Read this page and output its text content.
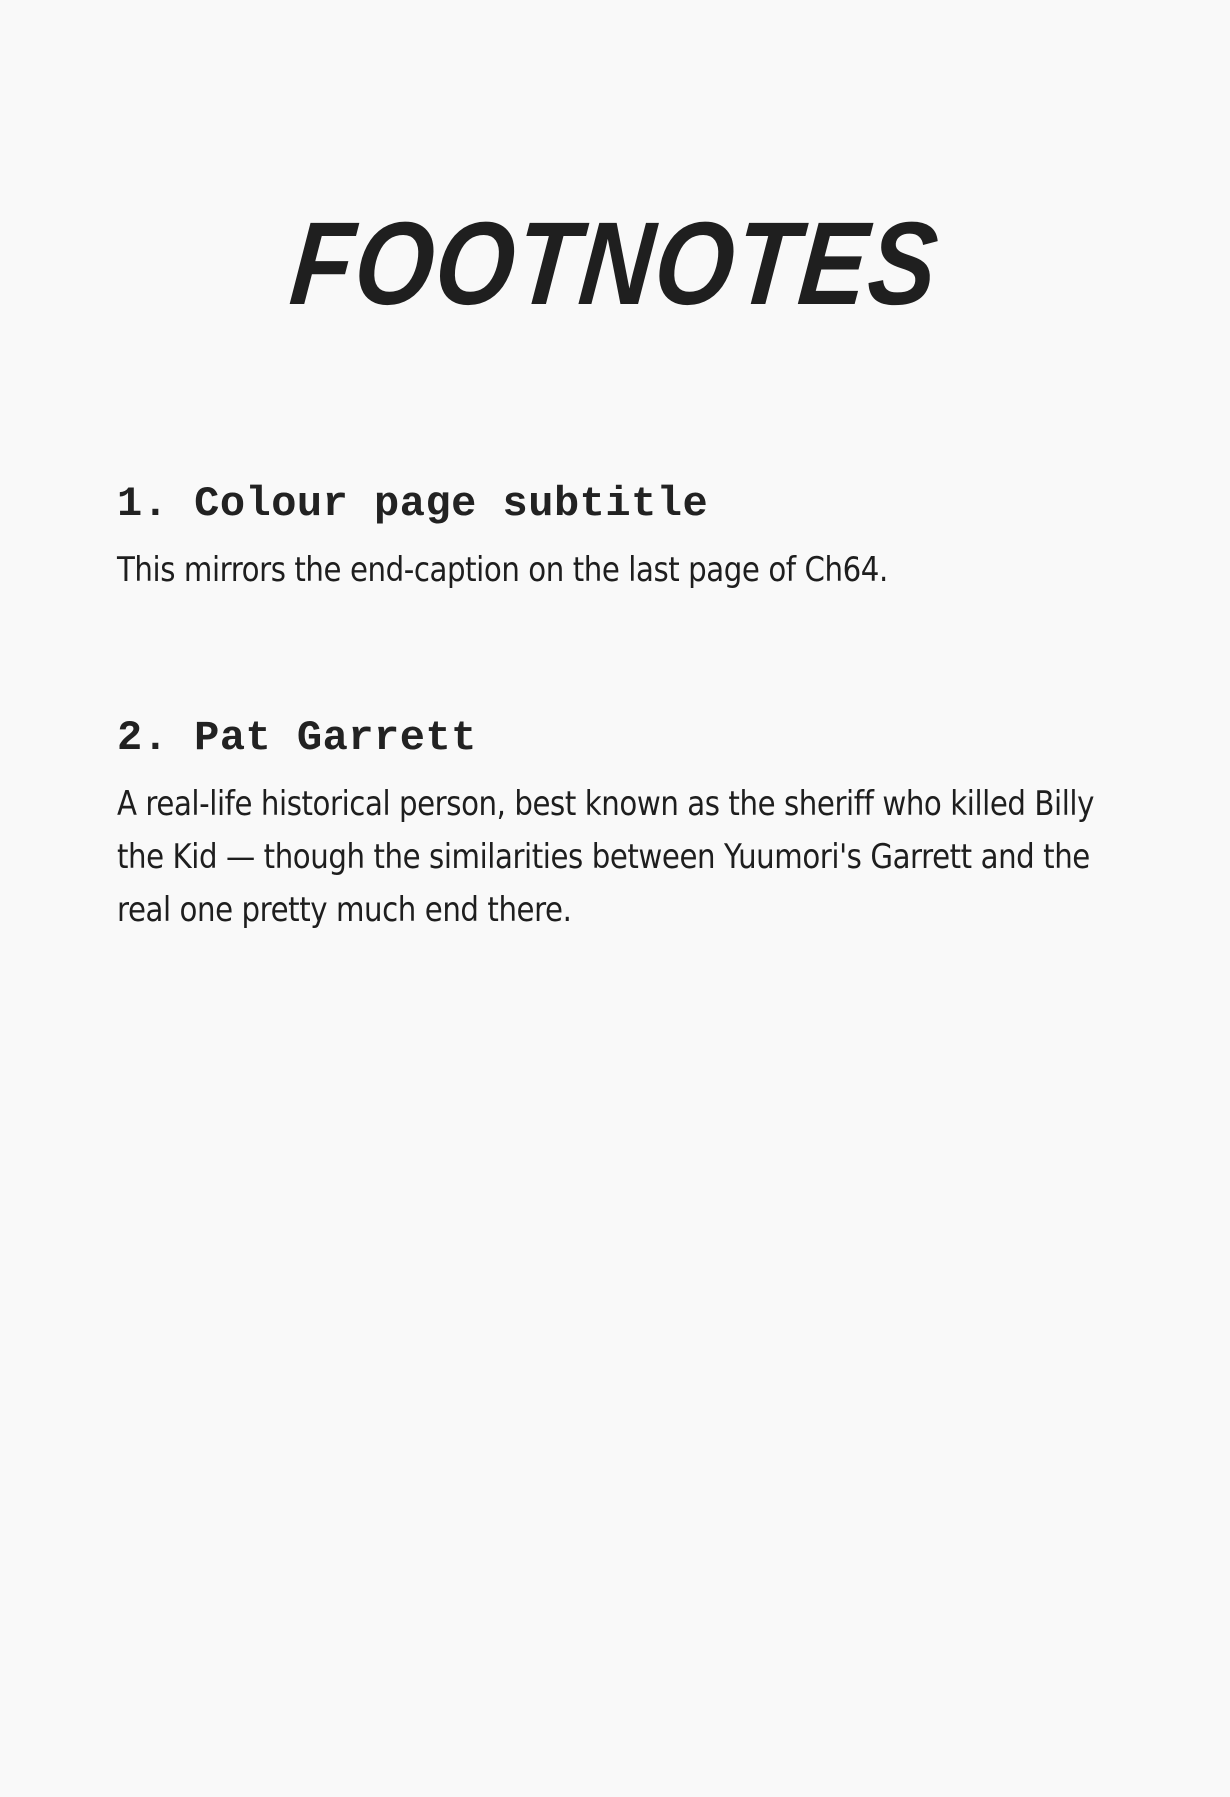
FOOTNOTES
1. Colour page subtitle

This mirrors the end-caption on the last page of Ch64.

2. Pat Garrett

A real-life historical person, best known as the sheriff who killed Billy the Kid — though the similarities between Yuumori's Garrett and the real one pretty much end there.
